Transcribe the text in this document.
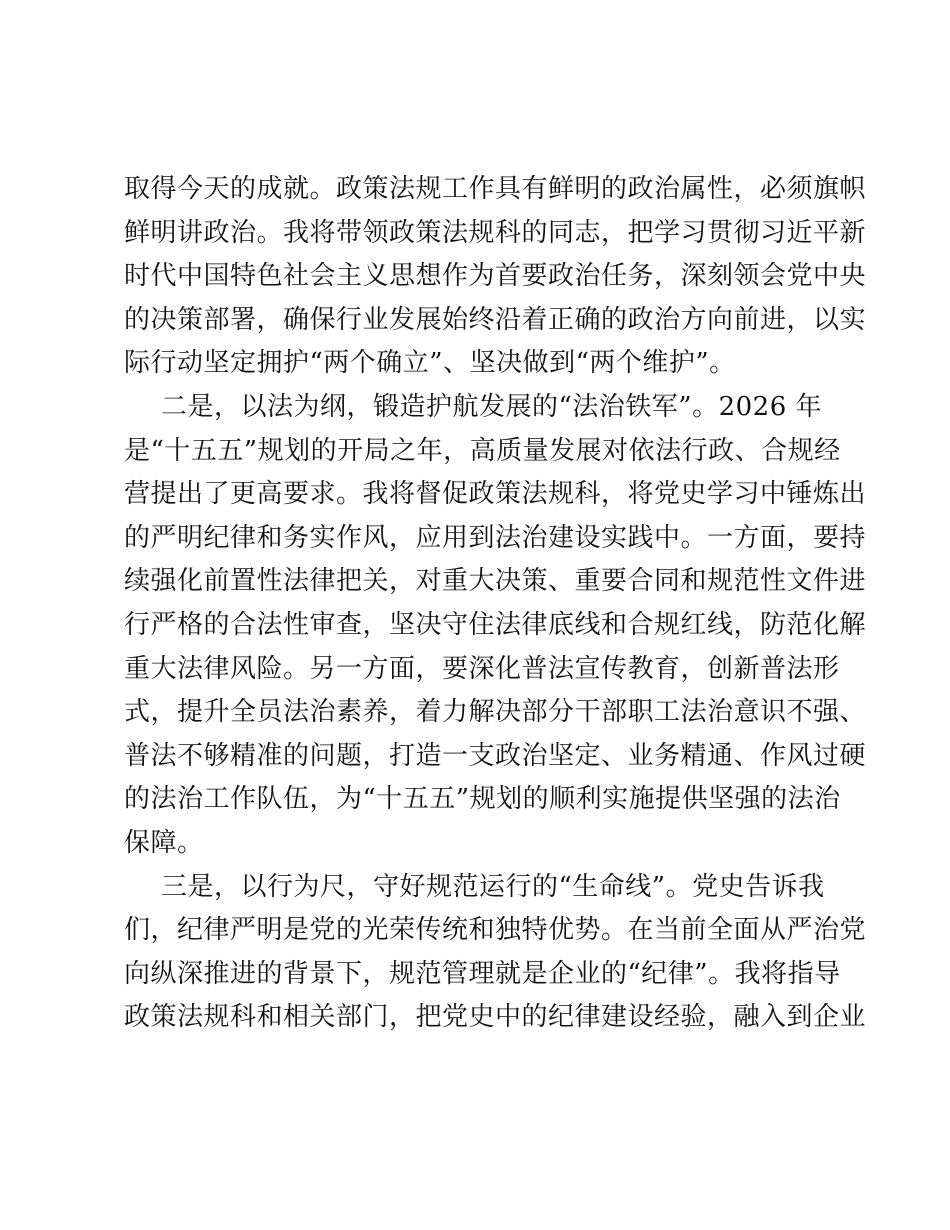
取得今天的成就。政策法规工作具有鲜明的政治属性，必须旗帜
鲜明讲政治。我将带领政策法规科的同志，把学习贯彻习近平新
时代中国特色社会主义思想作为首要政治任务，深刻领会党中央
的决策部署，确保行业发展始终沿着正确的政治方向前进，以实
际行动坚定拥护“两个确立”、坚决做到“两个维护”。
二是，以法为纲，锻造护航发展的“法治铁军”。2026 年
是“十五五”规划的开局之年，高质量发展对依法行政、合规经
营提出了更高要求。我将督促政策法规科，将党史学习中锤炼出
的严明纪律和务实作风，应用到法治建设实践中。一方面，要持
续强化前置性法律把关，对重大决策、重要合同和规范性文件进
行严格的合法性审查，坚决守住法律底线和合规红线，防范化解
重大法律风险。另一方面，要深化普法宣传教育，创新普法形
式，提升全员法治素养，着力解决部分干部职工法治意识不强、
普法不够精准的问题，打造一支政治坚定、业务精通、作风过硬
的法治工作队伍，为“十五五”规划的顺利实施提供坚强的法治
保障。
三是，以行为尺，守好规范运行的“生命线”。党史告诉我
们，纪律严明是党的光荣传统和独特优势。在当前全面从严治党
向纵深推进的背景下，规范管理就是企业的“纪律”。我将指导
政策法规科和相关部门，把党史中的纪律建设经验，融入到企业
